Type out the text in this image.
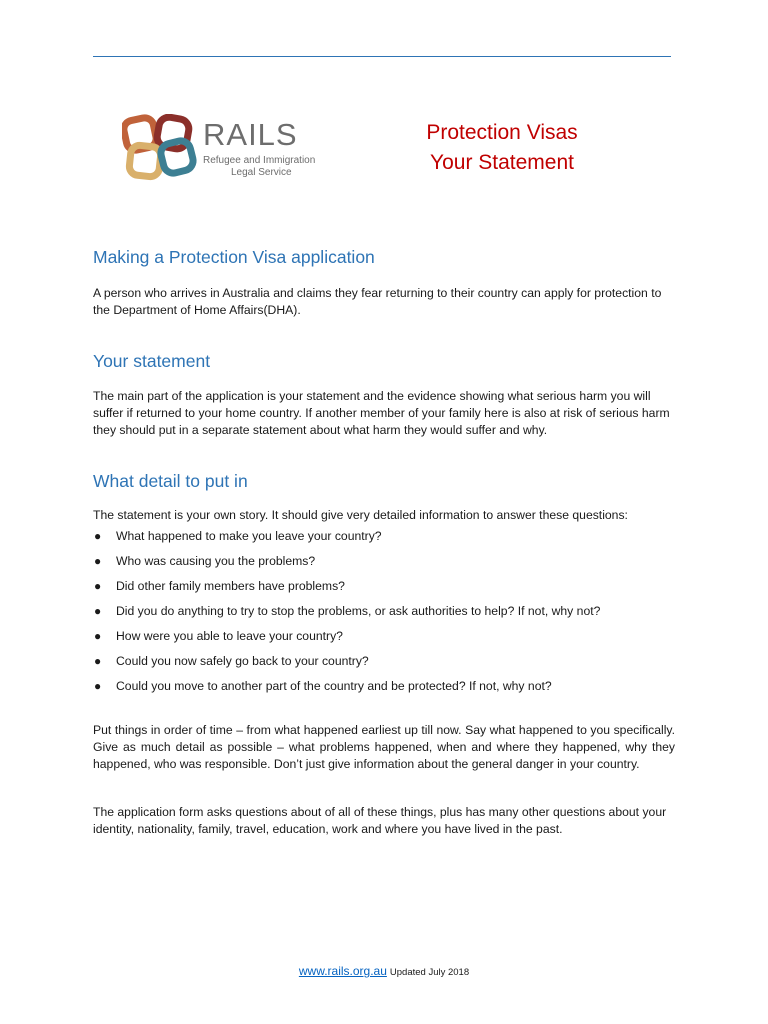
RAILS
Refugee and Immigration
Legal Service
Protection Visas
Your Statement
Making a Protection Visa application
A person who arrives in Australia and claims they fear returning to their country can apply for protection to the Department of Home Affairs(DHA).
Your statement
The main part of the application is your statement and the evidence showing what serious harm you will suffer if returned to your home country. If another member of your family here is also at risk of serious harm they should put in a separate statement about what harm they would suffer and why.
What detail to put in
The statement is your own story. It should give very detailed information to answer these questions:
● What happened to make you leave your country?
● Who was causing you the problems?
● Did other family members have problems?
● Did you do anything to try to stop the problems, or ask authorities to help? If not, why not?
● How were you able to leave your country?
● Could you now safely go back to your country?
● Could you move to another part of the country and be protected? If not, why not?
Put things in order of time – from what happened earliest up till now. Say what happened to you specifically. Give as much detail as possible – what problems happened, when and where they happened, why they happened, who was responsible. Don’t just give information about the general danger in your country.
The application form asks questions about of all of these things, plus has many other questions about your identity, nationality, family, travel, education, work and where you have lived in the past.
www.rails.org.au Updated July 2018
